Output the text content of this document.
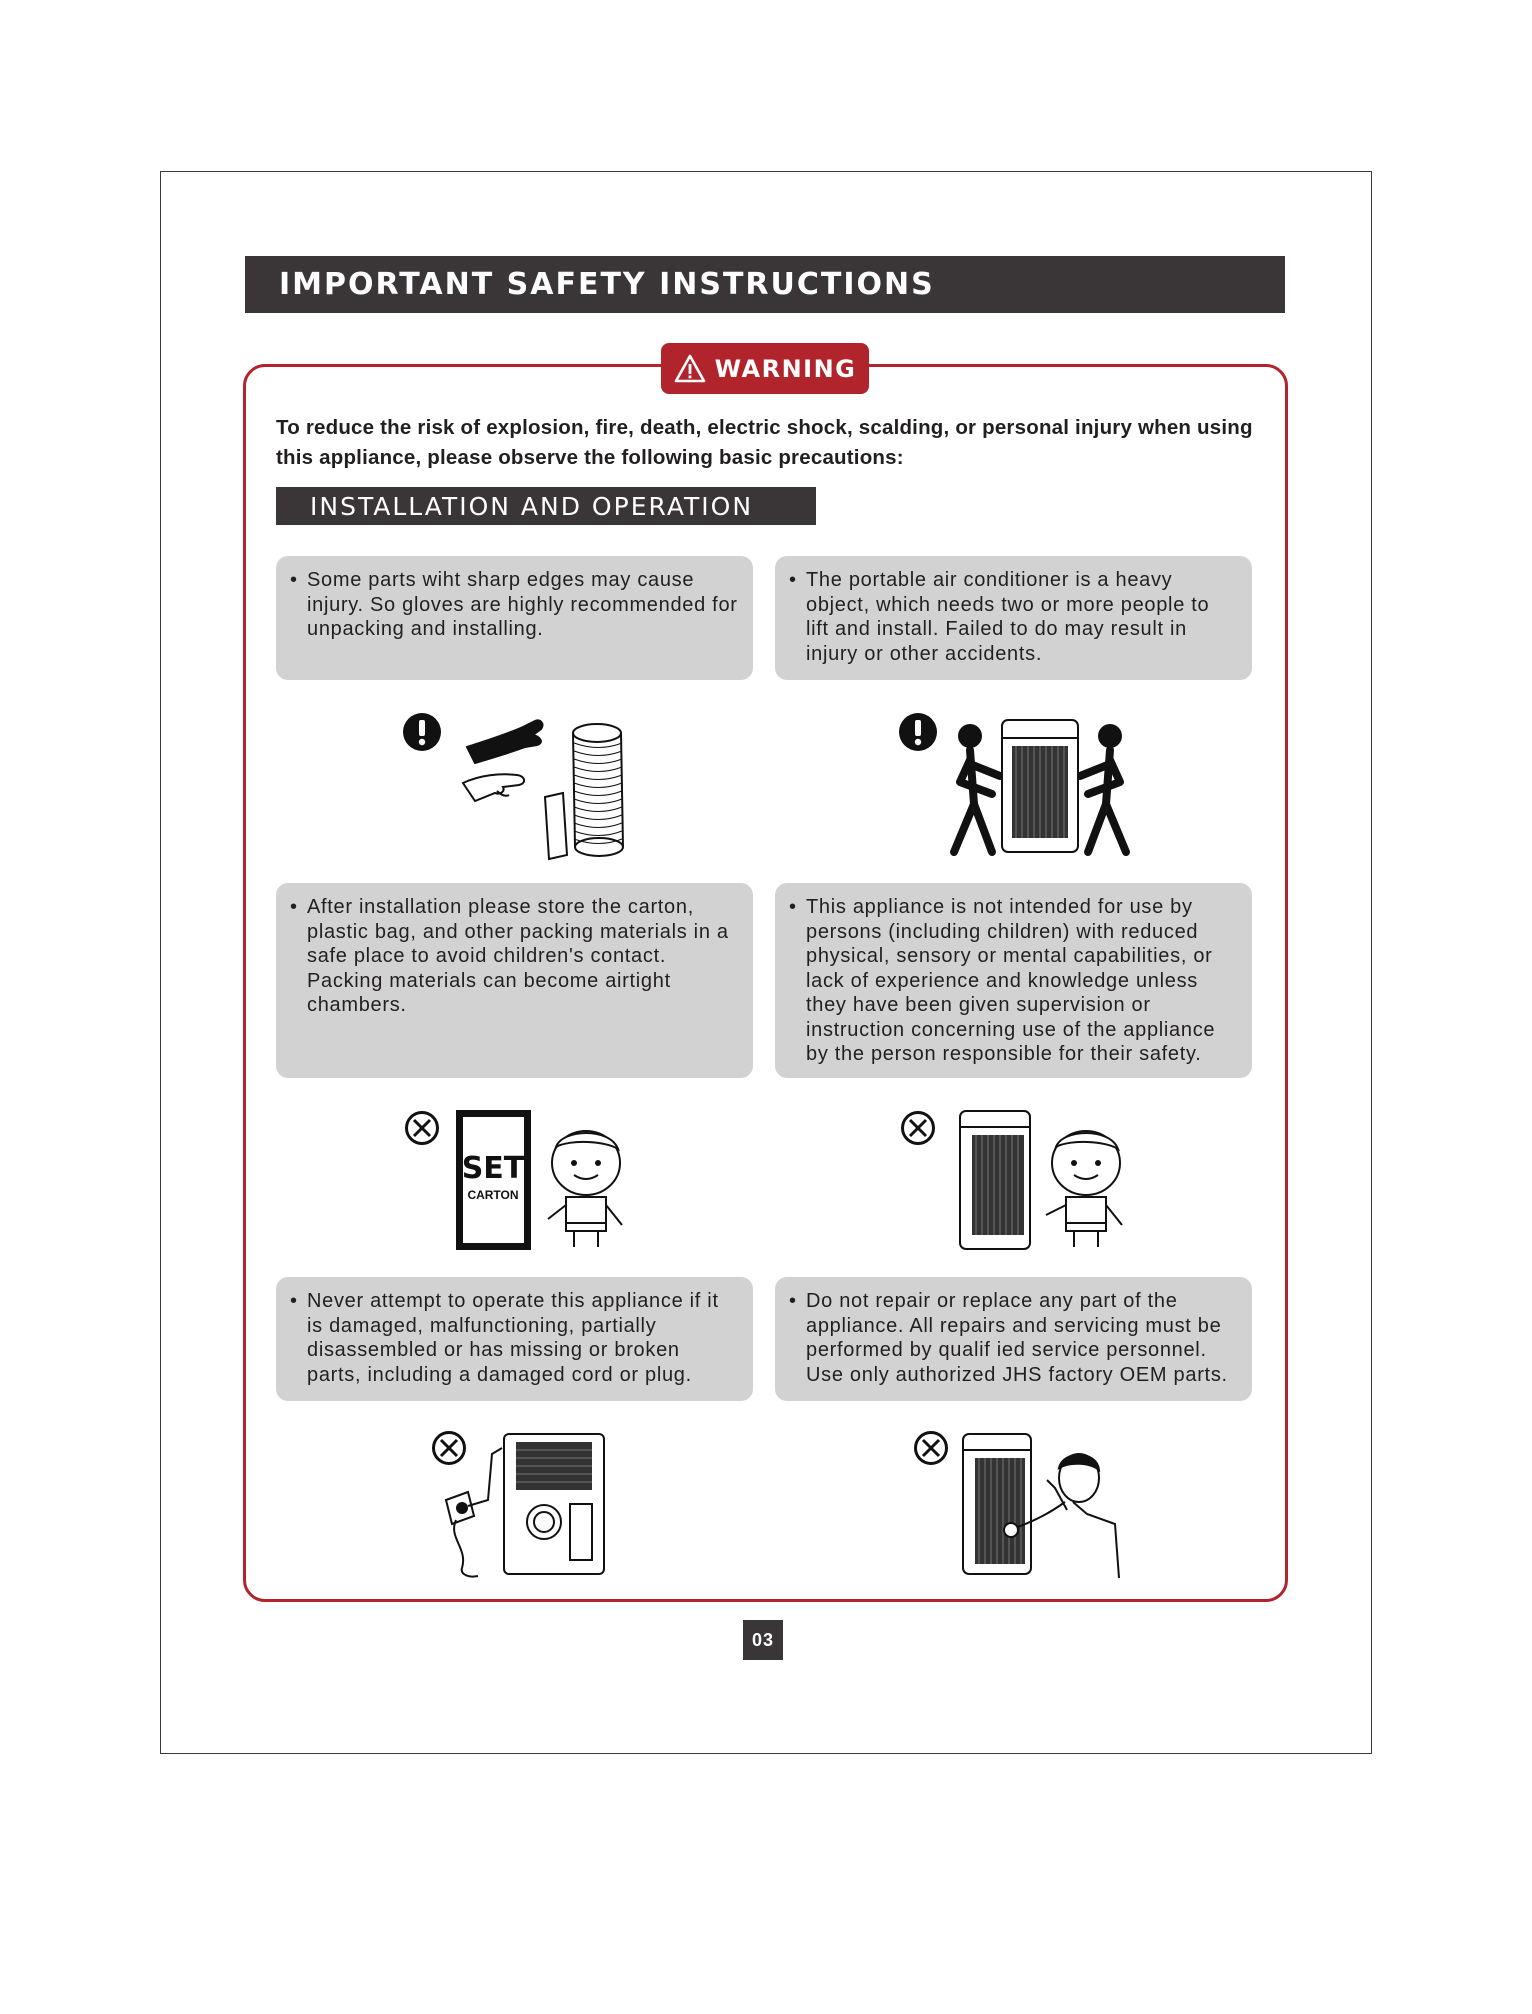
IMPORTANT SAFETY INSTRUCTIONS
WARNING

To reduce the risk of explosion, fire, death, electric shock, scalding, or personal injury when using this appliance, please observe the following basic precautions:

INSTALLATION AND OPERATION
• Some parts wiht sharp edges may cause injury. So gloves are highly recommended for unpacking and installing.

• The portable air conditioner is a heavy object, which needs two or more people to lift and install. Failed to do may result in injury or other accidents.

• After installation please store the carton, plastic bag, and other packing materials in a safe place to avoid children's contact. Packing materials can become airtight chambers.

• This appliance is not intended for use by persons (including children) with reduced physical, sensory or mental capabilities, or lack of experience and knowledge unless they have been given supervision or instruction concerning use of the appliance by the person responsible for their safety.

• Never attempt to operate this appliance if it is damaged, malfunctioning, partially disassembled or has missing or broken parts, including a damaged cord or plug.

• Do not repair or replace any part of the appliance. All repairs and servicing must be performed by qualif ied service personnel. Use only authorized JHS factory OEM parts.

SET
CARTON
03
